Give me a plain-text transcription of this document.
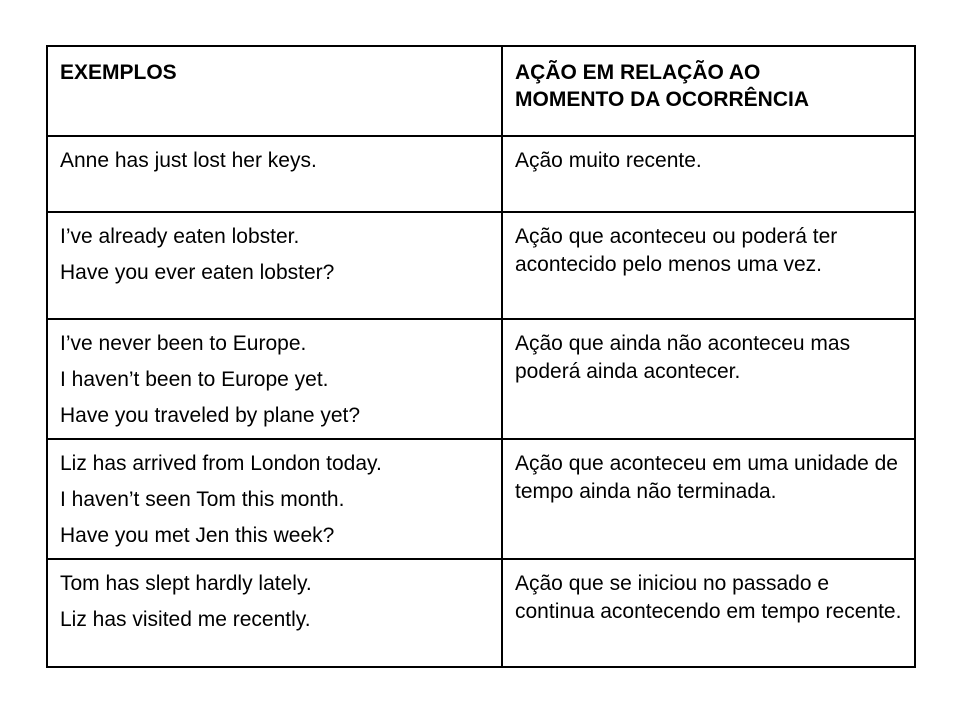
EXEMPLOS	AÇÃO EM RELAÇÃO AO
MOMENTO DA OCORRÊNCIA

Anne has just lost her keys.	Ação muito recente.

I’ve already eaten lobster.
Have you ever eaten lobster?	Ação que aconteceu ou poderá ter acontecido pelo menos uma vez.

I’ve never been to Europe.
I haven’t been to Europe yet.
Have you traveled by plane yet?	Ação que ainda não aconteceu mas poderá ainda acontecer.

Liz has arrived from London today.
I haven’t seen Tom this month.
Have you met Jen this week?	Ação que aconteceu em uma unidade de tempo ainda não terminada.

Tom has slept hardly lately.
Liz has visited me recently.	Ação que se iniciou no passado e continua acontecendo em tempo recente.
